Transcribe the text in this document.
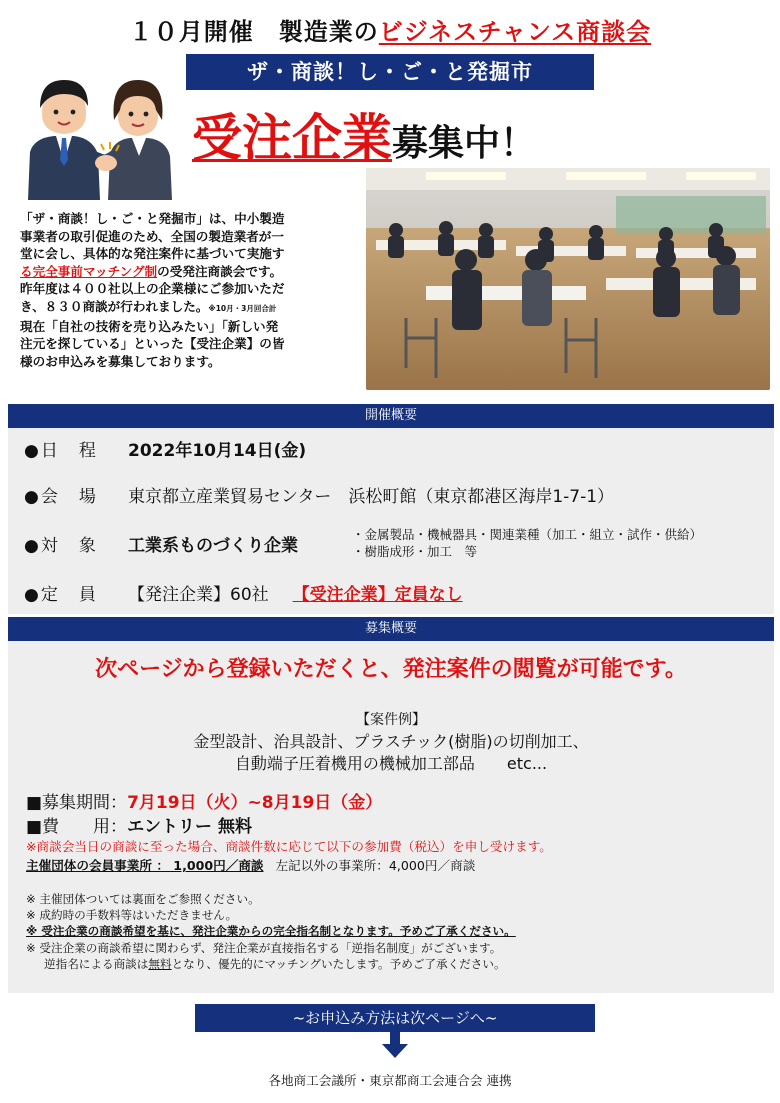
１０月開催　製造業のビジネスチャンス商談会
ザ・商談！し・ご・と発掘市
受注企業募集中！
「ザ・商談！し・ご・と発掘市」は、中小製造
事業者の取引促進のため、全国の製造業者が一
堂に会し、具体的な発注案件に基づいて実施す
る完全事前マッチング制の受発注商談会です。
昨年度は４００社以上の企業様にご参加いただ
き、８３０商談が行われました。※10月・3月回合計
現在「自社の技術を売り込みたい」「新しい発
注元を探している」といった【受注企業】の皆
様のお申込みを募集しております。
開催概要
●日　程 2022年10月14日(金)
●会　場 東京都立産業貿易センター　浜松町館（東京都港区海岸1-7-1）
●対　象 工業系ものづくり企業
・金属製品・機械器具・関連業種（加工・組立・試作・供給）
・樹脂成形・加工　等
●定　員 【発注企業】60社 【受注企業】定員なし
募集概要
次ページから登録いただくと、発注案件の閲覧が可能です。
【案件例】
金型設計、治具設計、プラスチック(樹脂)の切削加工、
自動端子圧着機用の機械加工部品　　etc...
■募集期間：7月19日（火）~8月19日（金）
■費　　用：エントリー 無料
※商談会当日の商談に至った場合、商談件数に応じて以下の参加費（税込）を申し受けます。
主催団体の会員事業所 ： 1,000円／商談 左記以外の事業所：4,000円／商談
※ 主催団体ついては裏面をご参照ください。
※ 成約時の手数料等はいただきません。
※ 受注企業の商談希望を基に、発注企業からの完全指名制となります。予めご了承ください。
※ 受注企業の商談希望に関わらず、発注企業が直接指名する「逆指名制度」がございます。
逆指名による商談は無料となり、優先的にマッチングいたします。予めご了承ください。
~お申込み方法は次ページへ~
各地商工会議所・東京都商工会連合会 連携
